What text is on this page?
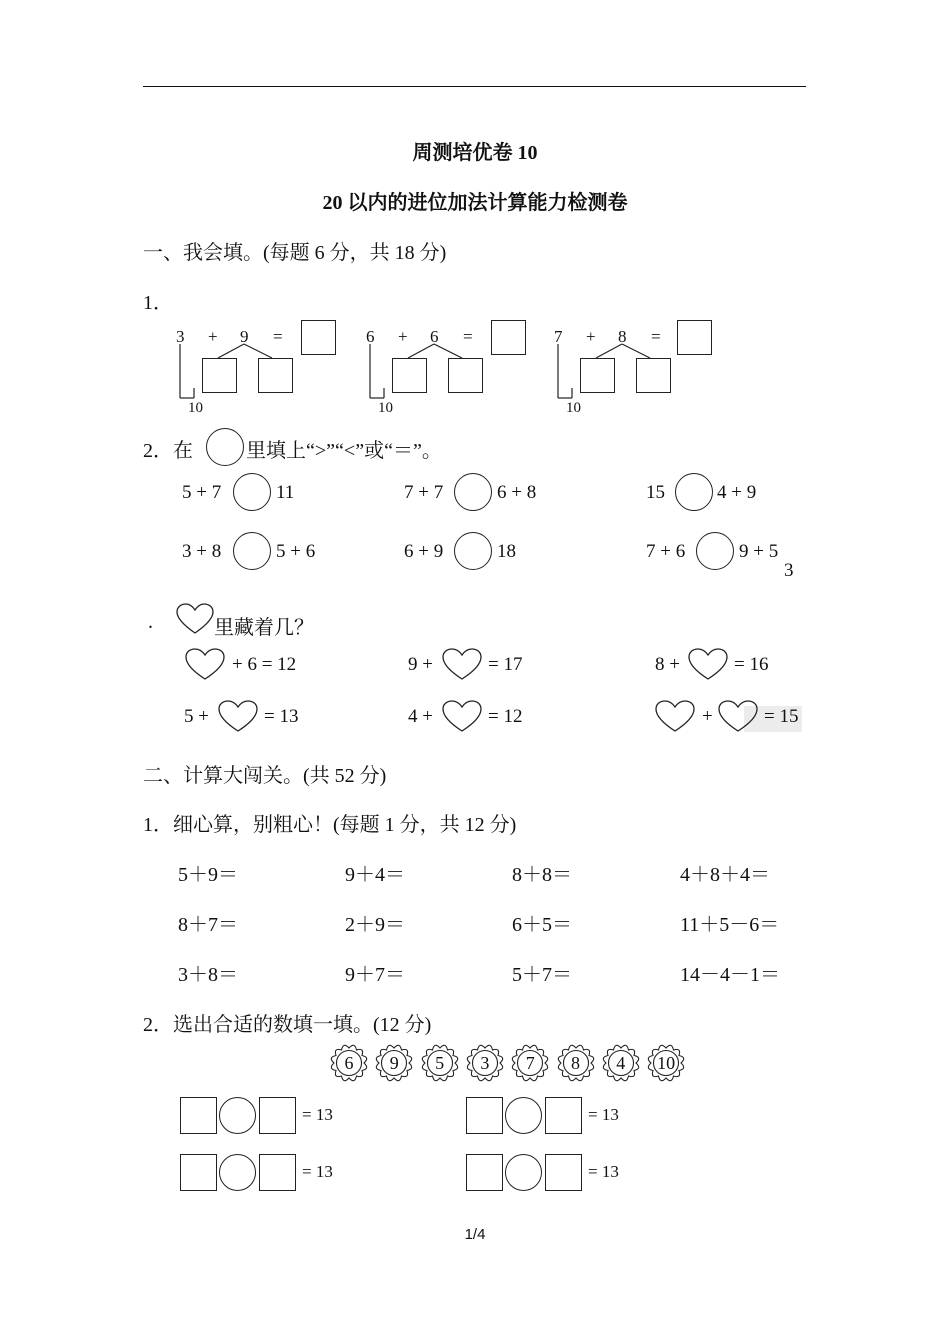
周测培优卷 10
20 以内的进位加法计算能力检测卷
一、我会填。(每题 6 分，共 18 分)
1．
3 + 9 =
10
6 + 6 =
10
7 + 8 =
10
2．在	里填上“>”“<”或“＝”。
5 + 7	11	7 + 7	6 + 8	15	4 + 9
3 + 8	5 + 6	6 + 9	18	7 + 6	9 + 5
3
.	里藏着几？
+ 6 = 12	9 +	= 17	8 +	= 16
5 +	= 13	4 +	= 12	+	= 15
二、计算大闯关。(共 52 分)
1．细心算，别粗心！(每题 1 分，共 12 分)
5＋9＝	9＋4＝	8＋8＝	4＋8＋4＝
8＋7＝	2＋9＝	6＋5＝	11＋5－6＝
3＋8＝	9＋7＝	5＋7＝	14－4－1＝
2．选出合适的数填一填。(12 分)
6	9	5	3	7	8	4	10
= 13	= 13
= 13	= 13
1/4
